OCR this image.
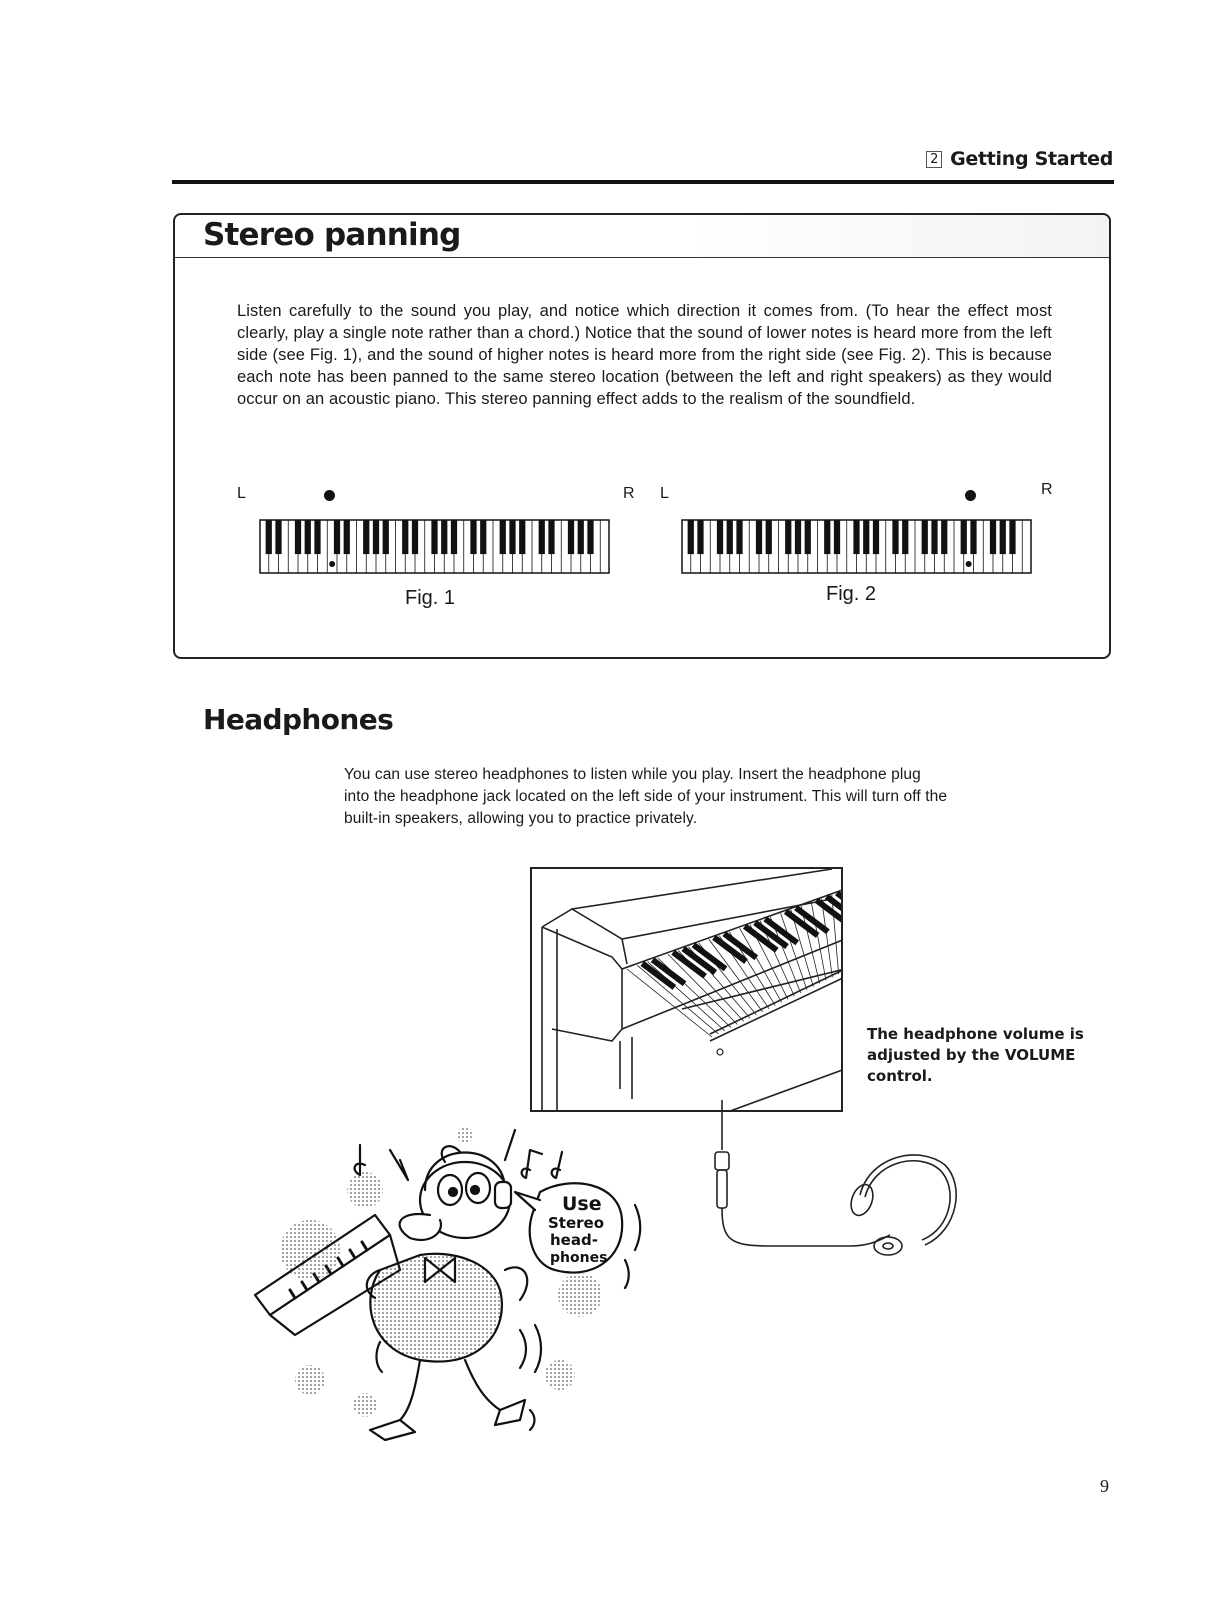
2 Getting Started
Stereo panning
Listen carefully to the sound you play, and notice which direction it comes from. (To hear the effect most clearly, play a single note rather than a chord.) Notice that the sound of lower notes is heard more from the left side (see Fig. 1), and the sound of higher notes is heard more from the right side (see Fig. 2). This is because each note has been panned to the same stereo location (between the left and right speakers) as they would occur on an acoustic piano. This stereo panning effect adds to the realism of the soundfield.
L	R
Fig. 1
L	R
Fig. 2
Headphones
You can use stereo headphones to listen while you play. Insert the headphone plug into the headphone jack located on the left side of your instrument. This will turn off the built-in speakers, allowing you to practice privately.
The headphone volume is adjusted by the VOLUME control.
Use
Stereo
head-
phones
9
